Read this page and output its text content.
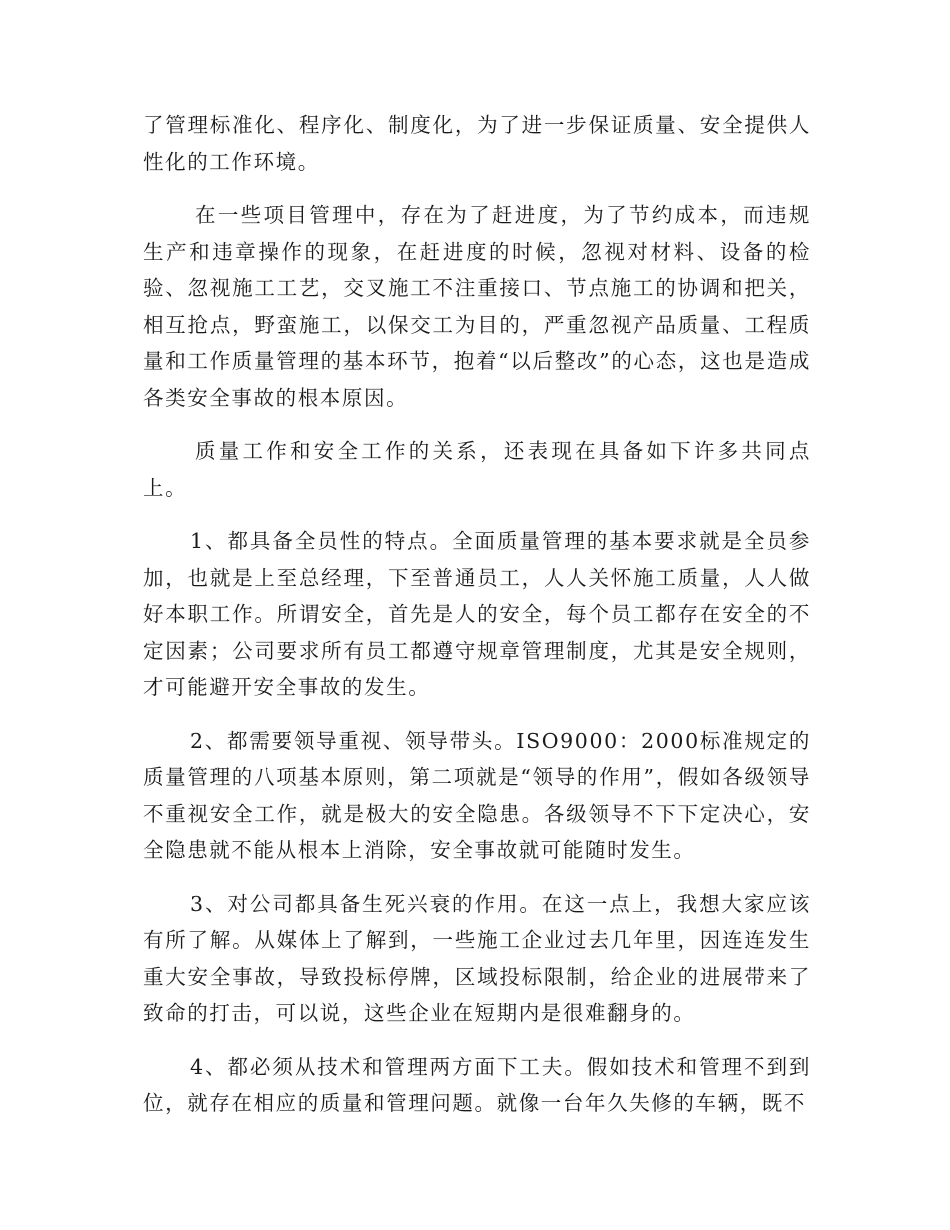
了管理标准化、程序化、制度化，为了进一步保证质量、安全提供人性化的工作环境。

在一些项目管理中，存在为了赶进度，为了节约成本，而违规生产和违章操作的现象，在赶进度的时候，忽视对材料、设备的检验、忽视施工工艺，交叉施工不注重接口、节点施工的协调和把关，相互抢点，野蛮施工，以保交工为目的，严重忽视产品质量、工程质量和工作质量管理的基本环节，抱着“以后整改”的心态，这也是造成各类安全事故的根本原因。

质量工作和安全工作的关系，还表现在具备如下许多共同点上。

1、都具备全员性的特点。全面质量管理的基本要求就是全员参加，也就是上至总经理，下至普通员工，人人关怀施工质量，人人做好本职工作。所谓安全，首先是人的安全，每个员工都存在安全的不定因素；公司要求所有员工都遵守规章管理制度，尤其是安全规则，才可能避开安全事故的发生。

2、都需要领导重视、领导带头。ISO9000：2000标准规定的质量管理的八项基本原则，第二项就是“领导的作用”，假如各级领导不重视安全工作，就是极大的安全隐患。各级领导不下下定决心，安全隐患就不能从根本上消除，安全事故就可能随时发生。

3、对公司都具备生死兴衰的作用。在这一点上，我想大家应该有所了解。从媒体上了解到，一些施工企业过去几年里，因连连发生重大安全事故，导致投标停牌，区域投标限制，给企业的进展带来了致命的打击，可以说，这些企业在短期内是很难翻身的。

4、都必须从技术和管理两方面下工夫。假如技术和管理不到到位，就存在相应的质量和管理问题。就像一台年久失修的车辆，既不
